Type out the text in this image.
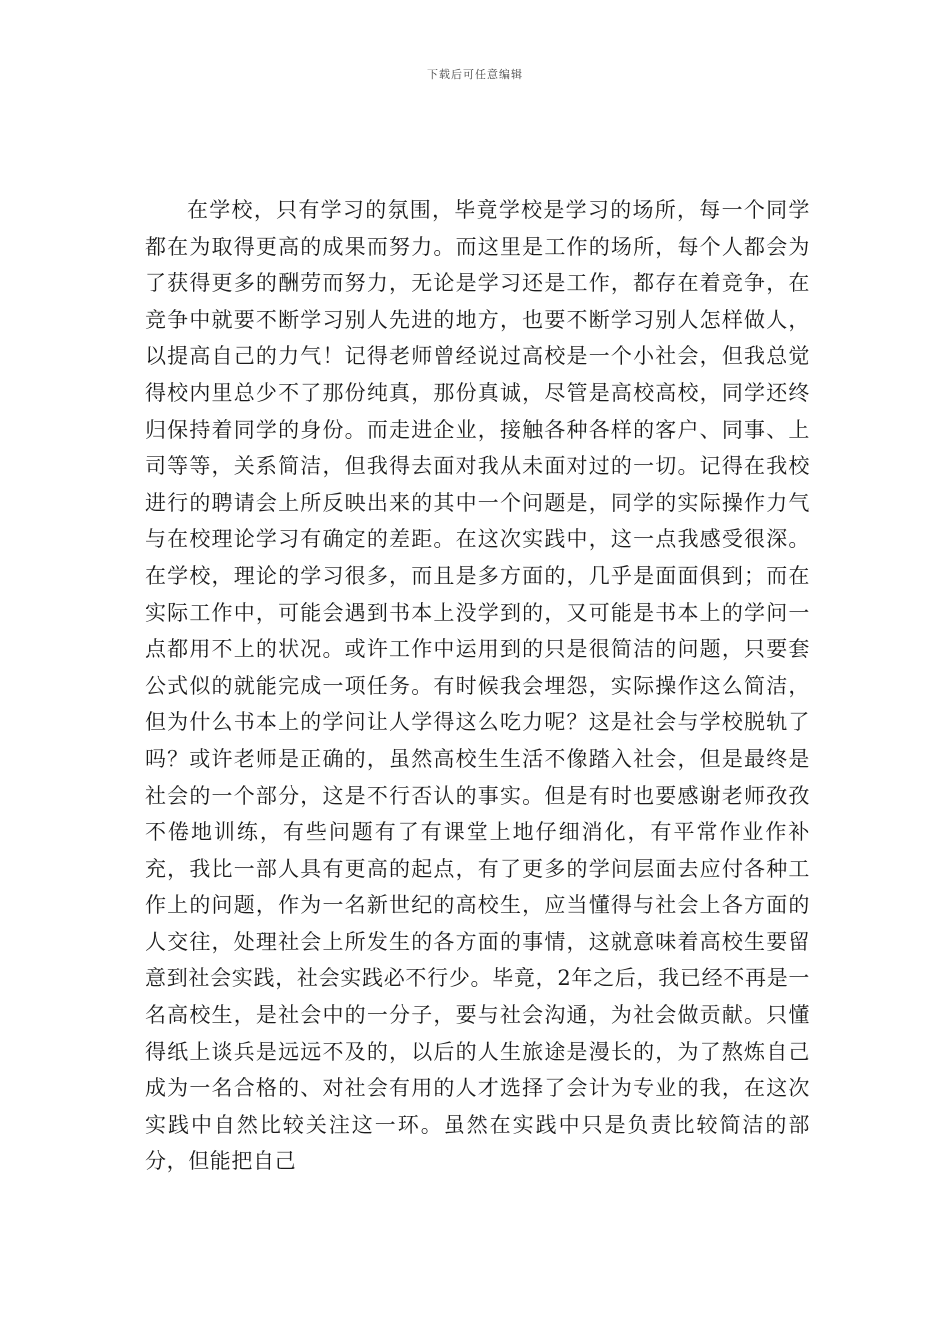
下载后可任意编辑

在学校，只有学习的氛围，毕竟学校是学习的场所，每一个同学都在为取得更高的成果而努力。而这里是工作的场所，每个人都会为了获得更多的酬劳而努力，无论是学习还是工作，都存在着竞争，在竞争中就要不断学习别人先进的地方，也要不断学习别人怎样做人，以提高自己的力气！记得老师曾经说过高校是一个小社会，但我总觉得校内里总少不了那份纯真，那份真诚，尽管是高校高校，同学还终归保持着同学的身份。而走进企业，接触各种各样的客户、同事、上司等等，关系简洁，但我得去面对我从未面对过的一切。记得在我校进行的聘请会上所反映出来的其中一个问题是，同学的实际操作力气与在校理论学习有确定的差距。在这次实践中，这一点我感受很深。在学校，理论的学习很多，而且是多方面的，几乎是面面俱到；而在实际工作中，可能会遇到书本上没学到的，又可能是书本上的学问一点都用不上的状况。或许工作中运用到的只是很简洁的问题，只要套公式似的就能完成一项任务。有时候我会埋怨，实际操作这么简洁，但为什么书本上的学问让人学得这么吃力呢？这是社会与学校脱轨了吗？或许老师是正确的，虽然高校生生活不像踏入社会，但是最终是社会的一个部分，这是不行否认的事实。但是有时也要感谢老师孜孜不倦地训练，有些问题有了有课堂上地仔细消化，有平常作业作补充，我比一部人具有更高的起点，有了更多的学问层面去应付各种工作上的问题，作为一名新世纪的高校生，应当懂得与社会上各方面的人交往，处理社会上所发生的各方面的事情，这就意味着高校生要留意到社会实践，社会实践必不行少。毕竟，2年之后，我已经不再是一名高校生，是社会中的一分子，要与社会沟通，为社会做贡献。只懂得纸上谈兵是远远不及的，以后的人生旅途是漫长的，为了熬炼自己成为一名合格的、对社会有用的人才选择了会计为专业的我，在这次实践中自然比较关注这一环。虽然在实践中只是负责比较简洁的部分，但能把自己
